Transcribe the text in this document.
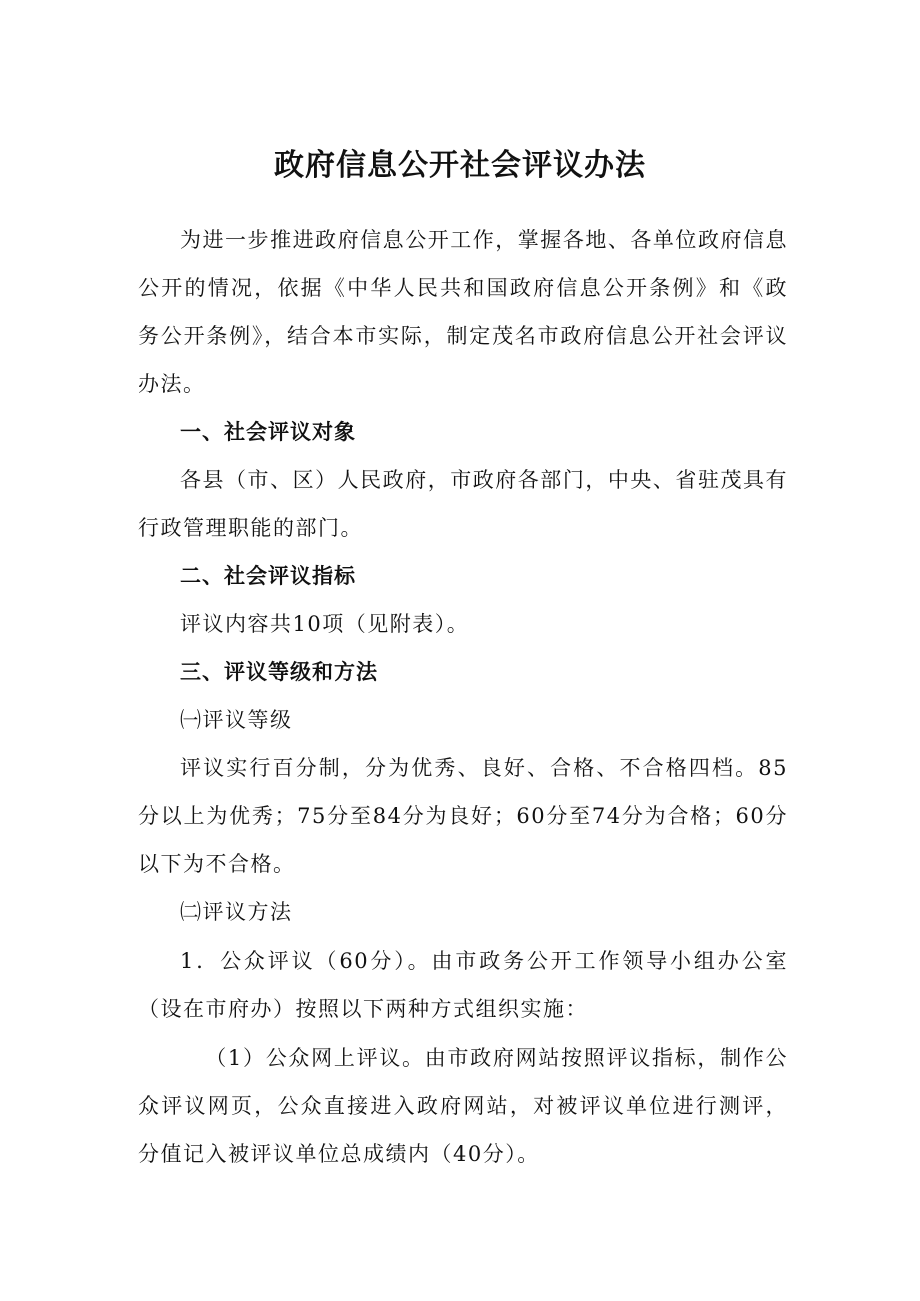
政府信息公开社会评议办法

为进一步推进政府信息公开工作，掌握各地、各单位政府信息公开的情况，依据《中华人民共和国政府信息公开条例》和《政务公开条例》，结合本市实际，制定茂名市政府信息公开社会评议办法。

一、社会评议对象

各县（市、区）人民政府，市政府各部门，中央、省驻茂具有行政管理职能的部门。

二、社会评议指标

评议内容共10项（见附表）。

三、评议等级和方法

㈠评议等级

评议实行百分制，分为优秀、良好、合格、不合格四档。85分以上为优秀；75分至84分为良好；60分至74分为合格；60分以下为不合格。

㈡评议方法

1．公众评议（60分）。由市政务公开工作领导小组办公室（设在市府办）按照以下两种方式组织实施：

（1）公众网上评议。由市政府网站按照评议指标，制作公众评议网页，公众直接进入政府网站，对被评议单位进行测评，分值记入被评议单位总成绩内（40分）。
